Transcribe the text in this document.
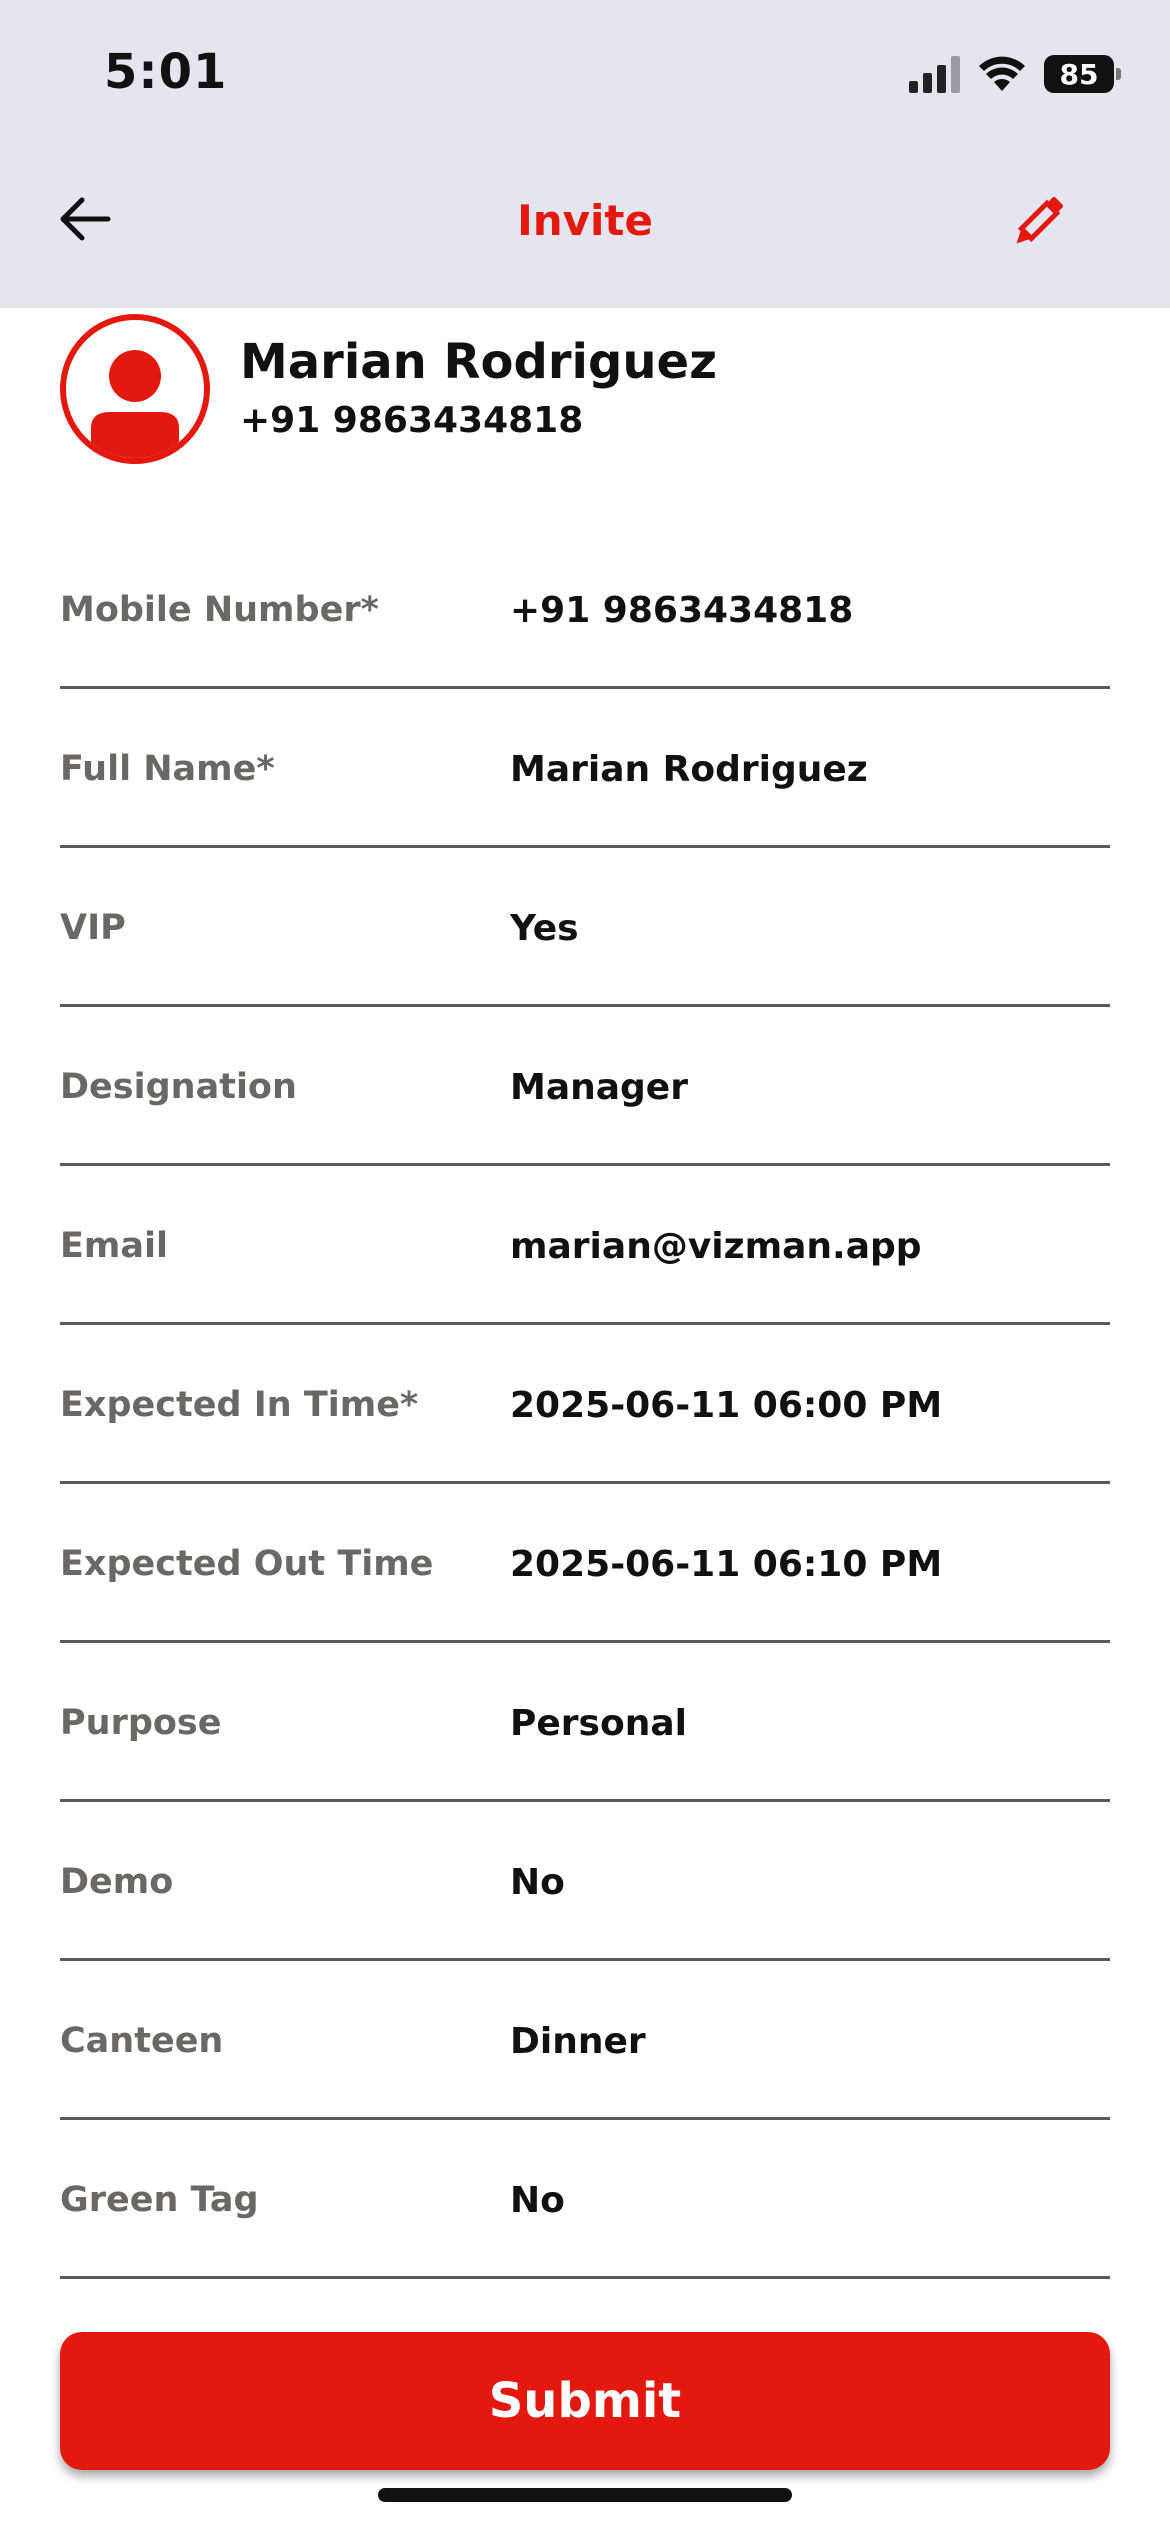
5:01	85
Invite
Marian Rodriguez
+91 9863434818
Mobile Number*	+91 9863434818
Full Name*	Marian Rodriguez
VIP	Yes
Designation	Manager
Email	marian@vizman.app
Expected In Time*	2025-06-11 06:00 PM
Expected Out Time 2025-06-11 06:10 PM
Purpose	Personal
Demo	No
Canteen	Dinner
Green Tag	No
Submit
